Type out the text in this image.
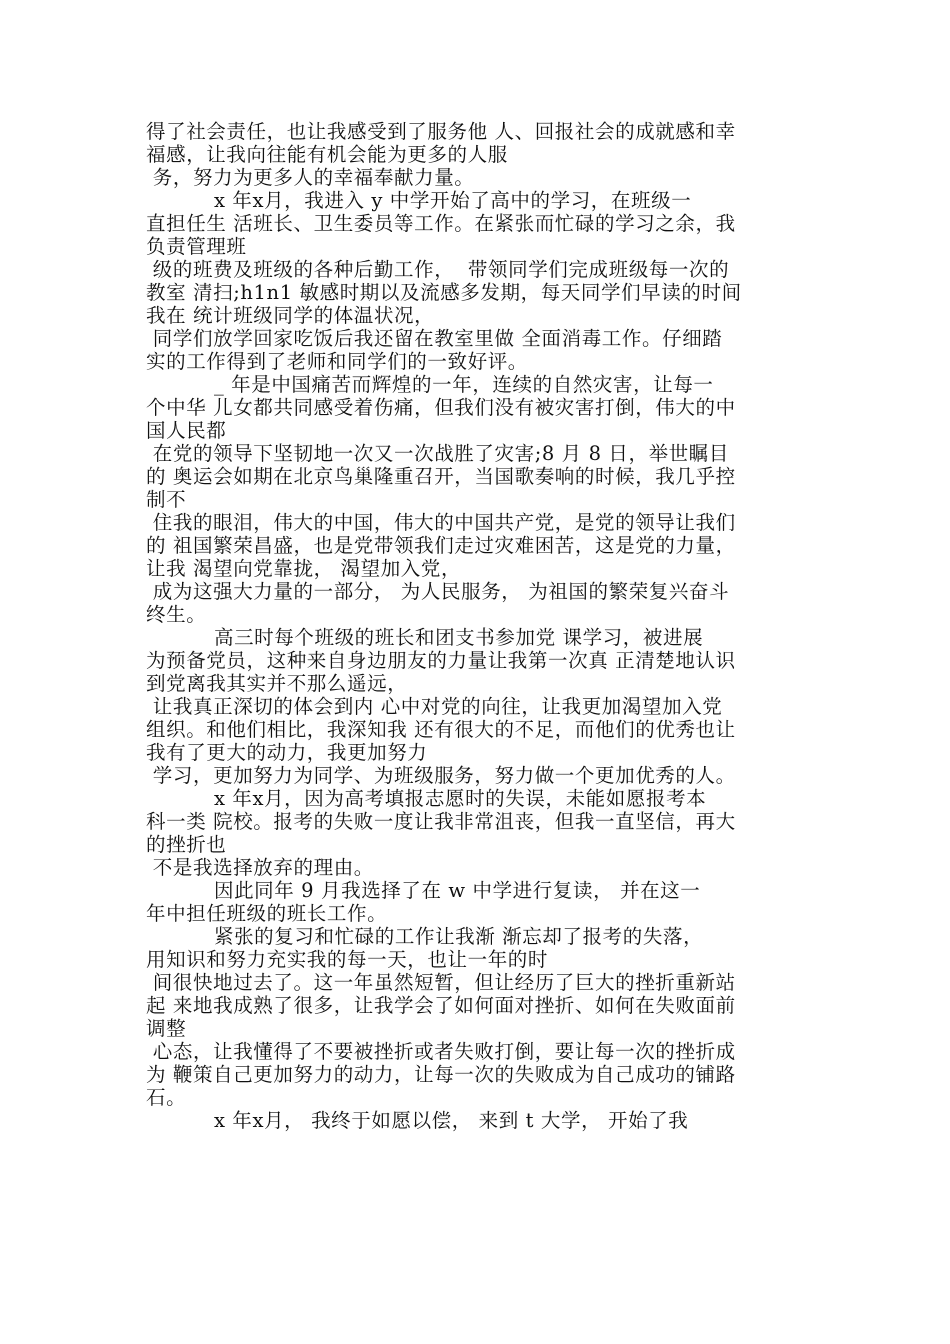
得了社会责任，也让我感受到了服务他 人、回报社会的成就感和幸

福感，让我向往能有机会能为更多的人服

务，努力为更多人的幸福奉献力量。

x 年x月，我进入 y 中学开始了高中的学习，在班级一

直担任生 活班长、卫生委员等工作。在紧张而忙碌的学习之余，我

负责管理班

级的班费及班级的各种后勤工作，  带领同学们完成班级每一次的

教室 清扫;h1n1 敏感时期以及流感多发期，每天同学们早读的时间

我在 统计班级同学的体温状况，

同学们放学回家吃饭后我还留在教室里做 全面消毒工作。仔细踏

实的工作得到了老师和同学们的一致好评。

_ 年是中国痛苦而辉煌的一年，连续的自然灾害，让每一

个中华 儿女都共同感受着伤痛，但我们没有被灾害打倒，伟大的中

国人民都

在党的领导下坚韧地一次又一次战胜了灾害;8 月 8 日，举世瞩目

的 奥运会如期在北京鸟巢隆重召开，当国歌奏响的时候，我几乎控

制不

住我的眼泪，伟大的中国，伟大的中国共产党，是党的领导让我们

的 祖国繁荣昌盛，也是党带领我们走过灾难困苦，这是党的力量，

让我 渴望向党靠拢， 渴望加入党，

成为这强大力量的一部分， 为人民服务， 为祖国的繁荣复兴奋斗

终生。

高三时每个班级的班长和团支书参加党 课学习，被进展

为预备党员，这种来自身边朋友的力量让我第一次真 正清楚地认识

到党离我其实并不那么遥远，

让我真正深切的体会到内 心中对党的向往，让我更加渴望加入党

组织。和他们相比，我深知我 还有很大的不足，而他们的优秀也让

我有了更大的动力，我更加努力

学习，更加努力为同学、为班级服务，努力做一个更加优秀的人。

x 年x月，因为高考填报志愿时的失误，未能如愿报考本

科一类 院校。报考的失败一度让我非常沮丧，但我一直坚信，再大

的挫折也

不是我选择放弃的理由。

因此同年 9 月我选择了在 w 中学进行复读， 并在这一

年中担任班级的班长工作。

紧张的复习和忙碌的工作让我渐 渐忘却了报考的失落，

用知识和努力充实我的每一天，也让一年的时

间很快地过去了。这一年虽然短暂，但让经历了巨大的挫折重新站

起 来地我成熟了很多，让我学会了如何面对挫折、如何在失败面前

调整

心态，让我懂得了不要被挫折或者失败打倒，要让每一次的挫折成

为 鞭策自己更加努力的动力，让每一次的失败成为自己成功的铺路

石。

x 年x月， 我终于如愿以偿， 来到 t 大学， 开始了我
